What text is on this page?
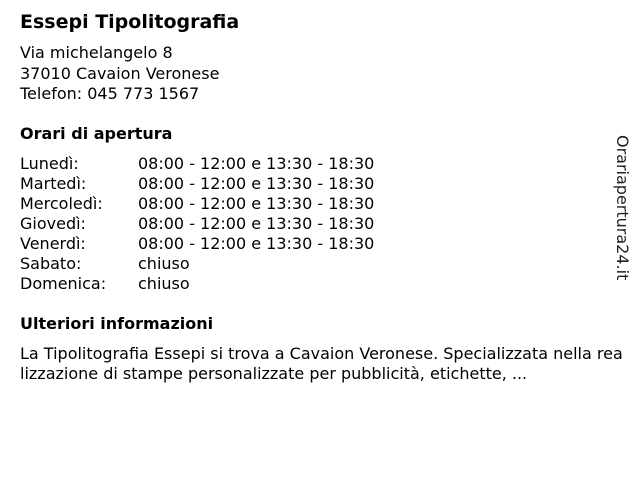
Essepi Tipolitografia
Via michelangelo 8
37010 Cavaion Veronese
Telefon: 045 773 1567
Orari di apertura
Lunedì:	08:00 - 12:00 e 13:30 - 18:30
Martedì:	08:00 - 12:00 e 13:30 - 18:30
Mercoledì: 08:00 - 12:00 e 13:30 - 18:30
Giovedì:	08:00 - 12:00 e 13:30 - 18:30
Venerdì:	08:00 - 12:00 e 13:30 - 18:30
Sabato:	chiuso
Domenica: chiuso
Ulteriori informazioni
La Tipolitografia Essepi si trova a Cavaion Veronese. Specializzata nella realizzazione di stampe personalizzate per pubblicità, etichette, ...
Orariapertura24.it
